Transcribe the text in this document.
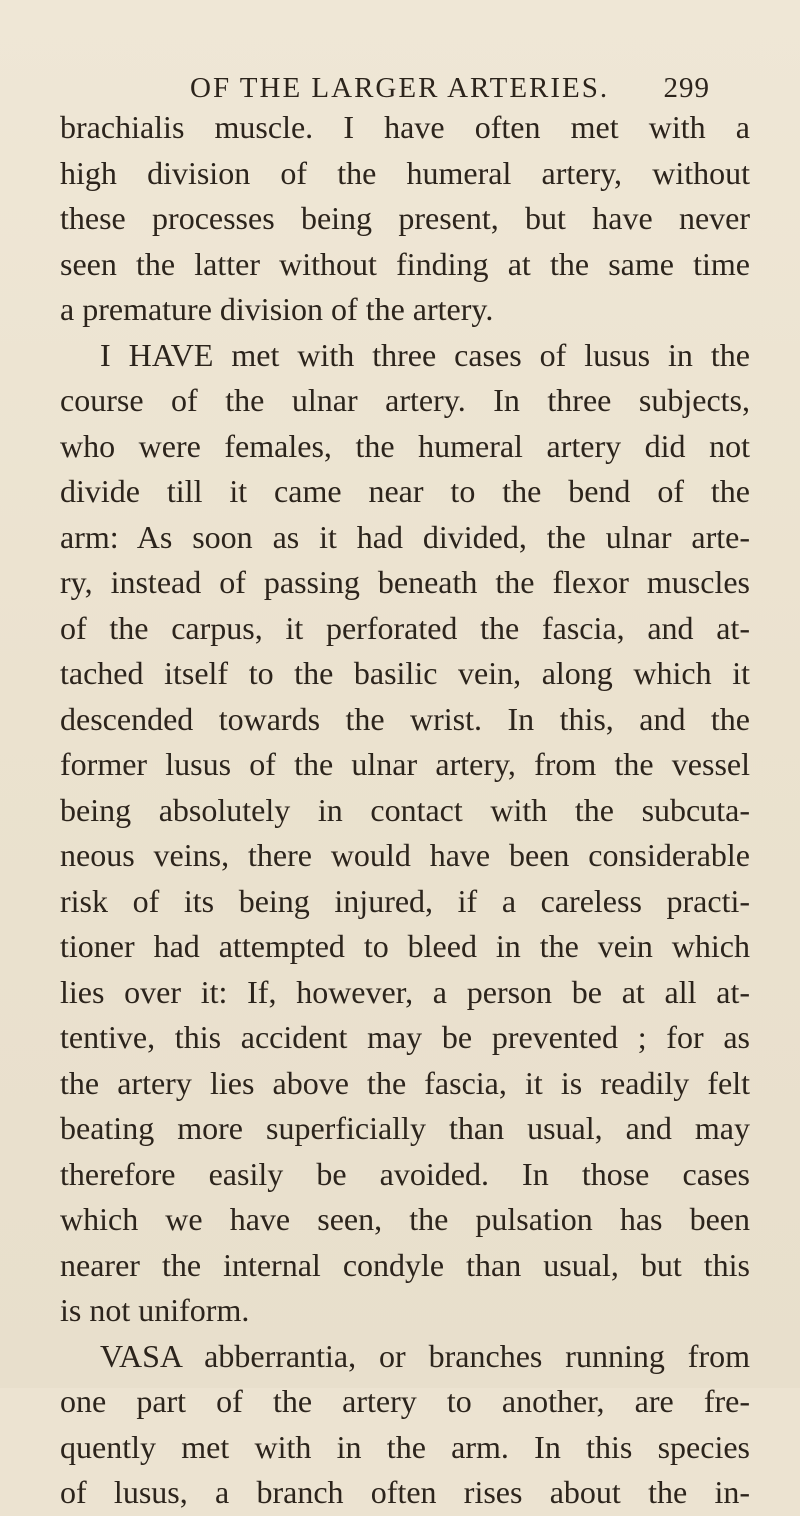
OF THE LARGER ARTERIES. 299
brachialis muscle. I have often met with a
high division of the humeral artery, without
these processes being present, but have never
seen the latter without finding at the same time
a premature division of the artery.
I HAVE met with three cases of lusus in the
course of the ulnar artery. In three subjects,
who were females, the humeral artery did not
divide till it came near to the bend of the
arm: As soon as it had divided, the ulnar arte-
ry, instead of passing beneath the flexor muscles
of the carpus, it perforated the fascia, and at-
tached itself to the basilic vein, along which it
descended towards the wrist. In this, and the
former lusus of the ulnar artery, from the vessel
being absolutely in contact with the subcuta-
neous veins, there would have been considerable
risk of its being injured, if a careless practi-
tioner had attempted to bleed in the vein which
lies over it: If, however, a person be at all at-
tentive, this accident may be prevented ; for as
the artery lies above the fascia, it is readily felt
beating more superficially than usual, and may
therefore easily be avoided. In those cases
which we have seen, the pulsation has been
nearer the internal condyle than usual, but this
is not uniform.
VASA abberrantia, or branches running from
one part of the artery to another, are fre-
quently met with in the arm. In this species
of lusus, a branch often rises about the in-
